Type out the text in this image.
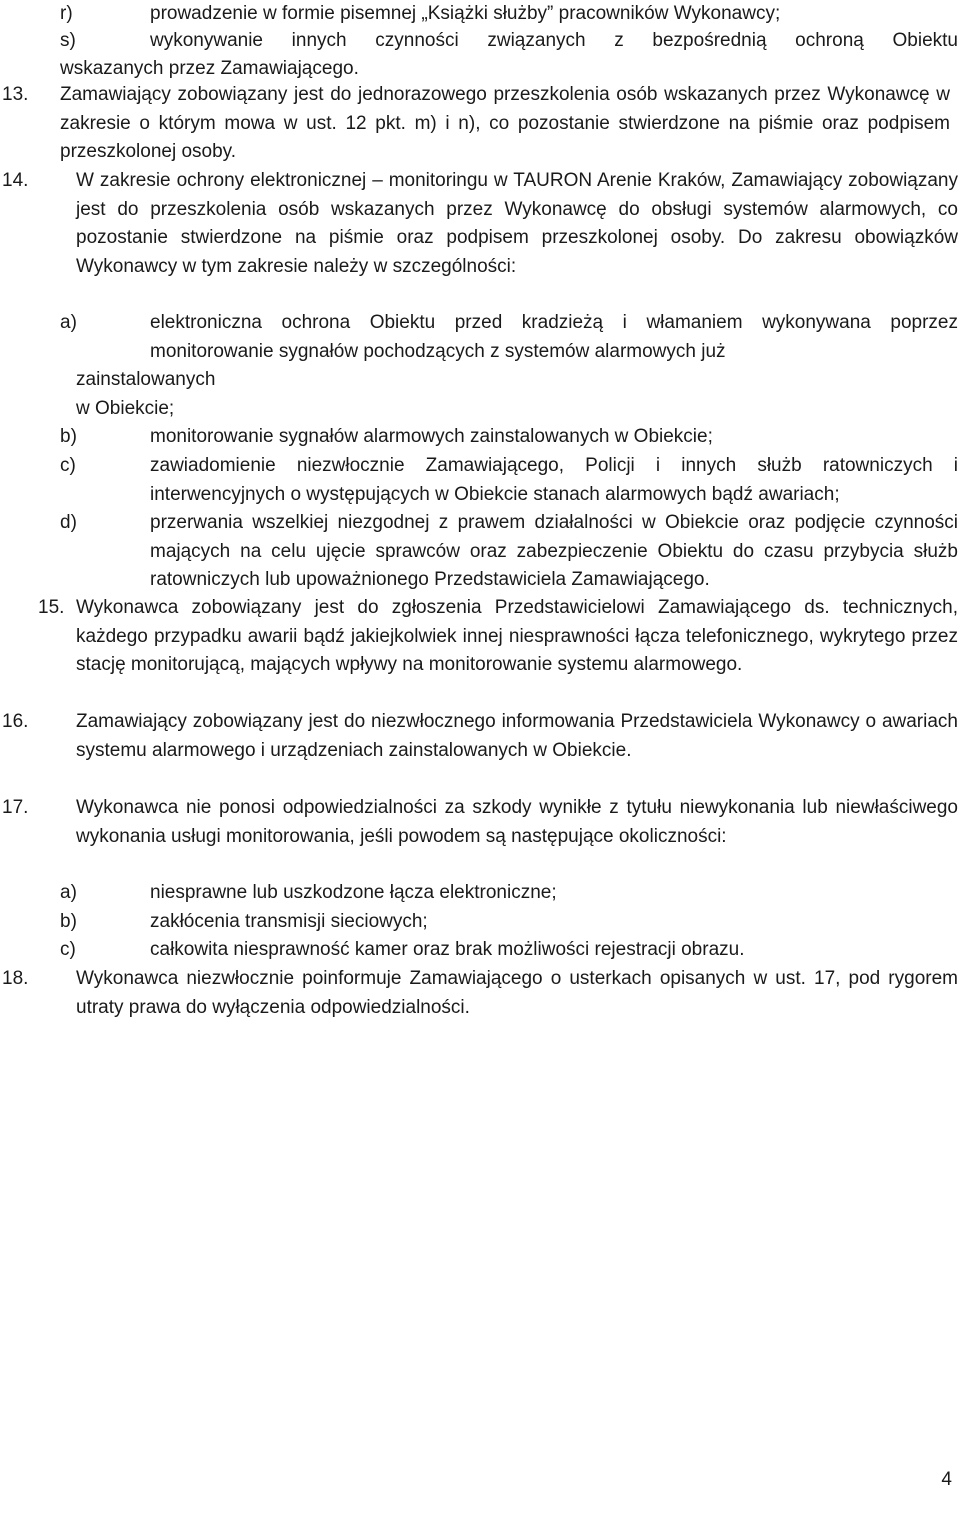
r)	prowadzenie w formie pisemnej „Książki służby” pracowników Wykonawcy;
s)	wykonywanie innych czynności związanych z bezpośrednią ochroną Obiektu
wskazanych przez Zamawiającego.
13. Zamawiający zobowiązany jest do jednorazowego przeszkolenia osób wskazanych przez Wykonawcę w zakresie o którym mowa w ust. 12 pkt. m) i n), co pozostanie stwierdzone na piśmie oraz podpisem przeszkolonej osoby.
14.	W zakresie ochrony elektronicznej – monitoringu w TAURON Arenie Kraków, Zamawiający zobowiązany jest do przeszkolenia osób wskazanych przez Wykonawcę do obsługi systemów alarmowych, co pozostanie stwierdzone na piśmie oraz podpisem przeszkolonej osoby. Do zakresu obowiązków Wykonawcy w tym zakresie należy w szczególności:
a)	elektroniczna ochrona Obiektu przed kradzieżą i włamaniem wykonywana poprzez monitorowanie sygnałów pochodzących z systemów alarmowych już
zainstalowanych
w Obiekcie;
b)	monitorowanie sygnałów alarmowych zainstalowanych w Obiekcie;
c)	zawiadomienie niezwłocznie Zamawiającego, Policji i innych służb ratowniczych i interwencyjnych o występujących w Obiekcie stanach alarmowych bądź awariach;
d)	przerwania wszelkiej niezgodnej z prawem działalności w Obiekcie oraz podjęcie czynności mających na celu ujęcie sprawców oraz zabezpieczenie Obiektu do czasu przybycia służb ratowniczych lub upoważnionego Przedstawiciela Zamawiającego.
15. Wykonawca zobowiązany jest do zgłoszenia Przedstawicielowi Zamawiającego ds. technicznych, każdego przypadku awarii bądź jakiejkolwiek innej niesprawności łącza telefonicznego, wykrytego przez stację monitorującą, mających wpływy na monitorowanie systemu alarmowego.
16.	Zamawiający zobowiązany jest do niezwłocznego informowania Przedstawiciela Wykonawcy o awariach systemu alarmowego i urządzeniach zainstalowanych w Obiekcie.
17.	Wykonawca nie ponosi odpowiedzialności za szkody wynikłe z tytułu niewykonania lub niewłaściwego wykonania usługi monitorowania, jeśli powodem są następujące okoliczności:
a)	niesprawne lub uszkodzone łącza elektroniczne;
b)	zakłócenia transmisji sieciowych;
c)	całkowita niesprawność kamer oraz brak możliwości rejestracji obrazu.
18.	Wykonawca niezwłocznie poinformuje Zamawiającego o usterkach opisanych w ust. 17, pod rygorem utraty prawa do wyłączenia odpowiedzialności.
4
